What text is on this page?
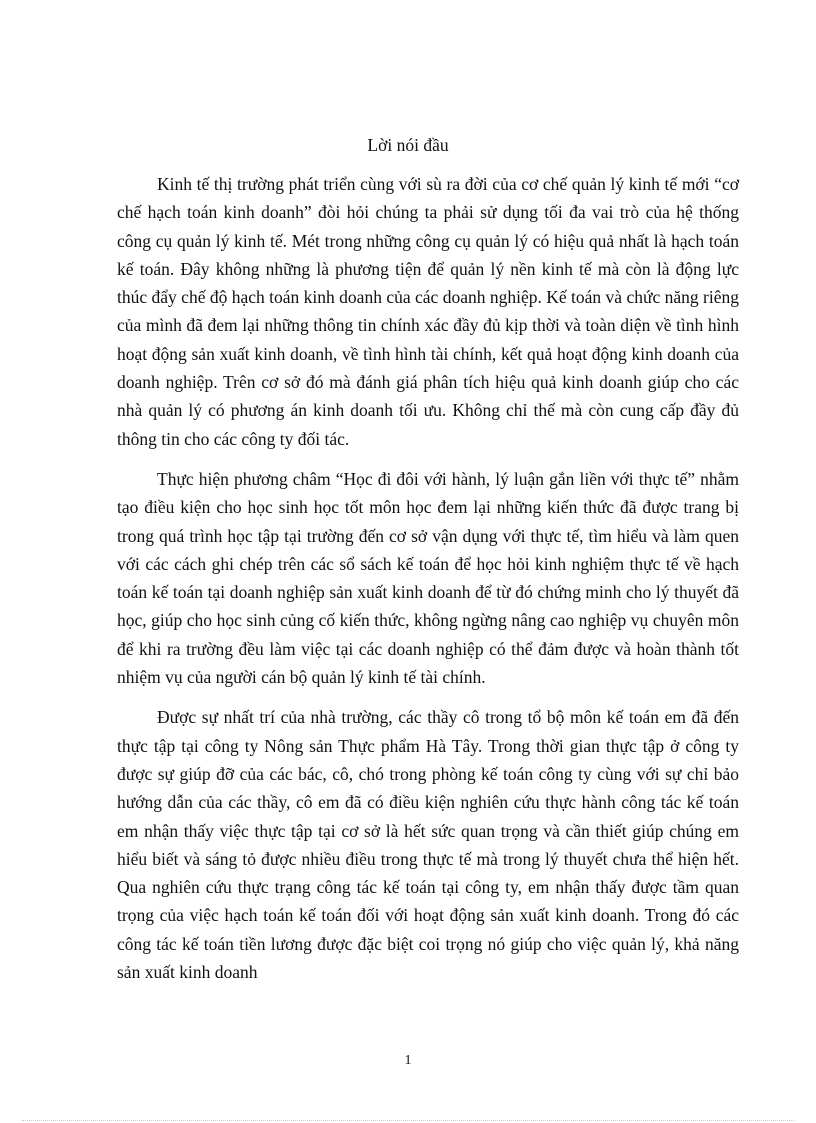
Lời nói đầu

Kinh tế thị trường phát triển cùng với sù ra đời của cơ chế quản lý kinh tế mới “cơ chế hạch toán kinh doanh” đòi hỏi chúng ta phải sử dụng tối đa vai trò của hệ thống công cụ quản lý kinh tế. Mét trong những công cụ quản lý có hiệu quả nhất là hạch toán kế toán. Đây không những là phương tiện để quản lý nền kinh tế mà còn là động lực thúc đẩy chế độ hạch toán kinh doanh của các doanh nghiệp. Kế toán và chức năng riêng của mình đã đem lại những thông tin chính xác đầy đủ kịp thời và toàn diện về tình hình hoạt động sản xuất kinh doanh, về tình hình tài chính, kết quả hoạt động kinh doanh của doanh nghiệp. Trên cơ sở đó mà đánh giá phân tích hiệu quả kinh doanh giúp cho các nhà quản lý có phương án kinh doanh tối ưu. Không chỉ thế mà còn cung cấp đầy đủ thông tin cho các công ty đối tác.

Thực hiện phương châm “Học đi đôi với hành, lý luận gắn liền với thực tế” nhằm tạo điều kiện cho học sinh học tốt môn học đem lại những kiến thức đã được trang bị trong quá trình học tập tại trường đến cơ sở vận dụng với thực tế, tìm hiểu và làm quen với các cách ghi chép trên các sổ sách kế toán để học hỏi kinh nghiệm thực tế về hạch toán kế toán tại doanh nghiệp sản xuất kinh doanh để từ đó chứng minh cho lý thuyết đã học, giúp cho học sinh củng cố kiến thức, không ngừng nâng cao nghiệp vụ chuyên môn để khi ra trường đều làm việc tại các doanh nghiệp có thể đảm được và hoàn thành tốt nhiệm vụ của người cán bộ quản lý kinh tế tài chính.

Được sự nhất trí của nhà trường, các thầy cô trong tổ bộ môn kế toán em đã đến thực tập tại công ty Nông sản Thực phẩm Hà Tây. Trong thời gian thực tập ở công ty được sự giúp đỡ của các bác, cô, chó trong phòng kế toán công ty cùng với sự chỉ bảo hướng dẫn của các thầy, cô em đã có điều kiện nghiên cứu thực hành công tác kế toán em nhận thấy việc thực tập tại cơ sở là hết sức quan trọng và cần thiết giúp chúng em hiểu biết và sáng tỏ được nhiều điều trong thực tế mà trong lý thuyết chưa thể hiện hết. Qua nghiên cứu thực trạng công tác kế toán tại công ty, em nhận thấy được tầm quan trọng của việc hạch toán kế toán đối với hoạt động sản xuất kinh doanh. Trong đó các công tác kế toán tiền lương được đặc biệt coi trọng nó giúp cho việc quản lý, khả năng sản xuất kinh doanh

1
